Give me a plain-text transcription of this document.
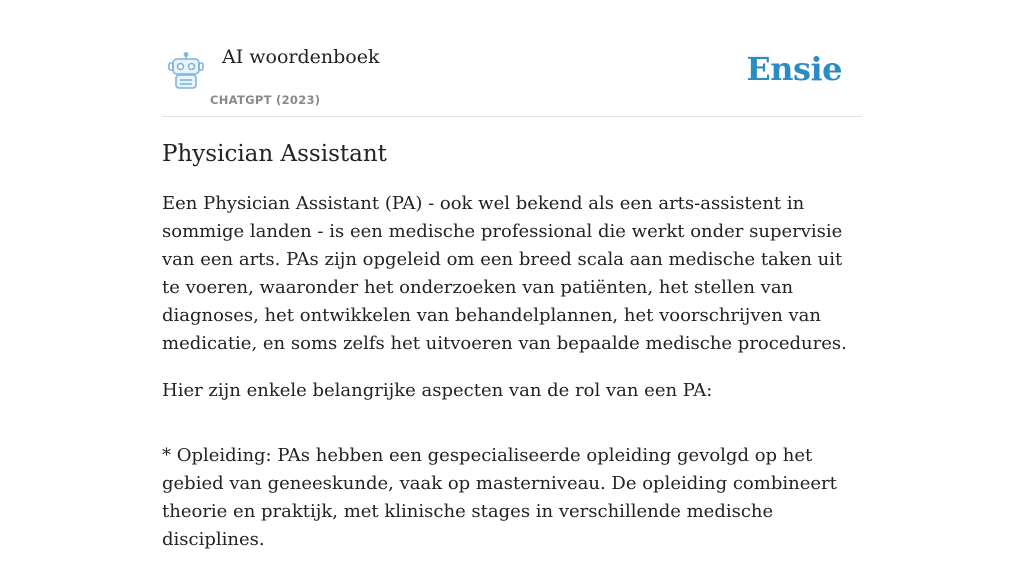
AI woordenboek
CHATGPT (2023)
Ensie
Physician Assistant

Een Physician Assistant (PA) - ook wel bekend als een arts-assistent in sommige landen - is een medische professional die werkt onder supervisie van een arts. PAs zijn opgeleid om een breed scala aan medische taken uit te voeren, waaronder het onderzoeken van patiënten, het stellen van diagnoses, het ontwikkelen van behandelplannen, het voorschrijven van medicatie, en soms zelfs het uitvoeren van bepaalde medische procedures.

Hier zijn enkele belangrijke aspecten van de rol van een PA:

* Opleiding: PAs hebben een gespecialiseerde opleiding gevolgd op het gebied van geneeskunde, vaak op masterniveau. De opleiding combineert theorie en praktijk, met klinische stages in verschillende medische disciplines.
